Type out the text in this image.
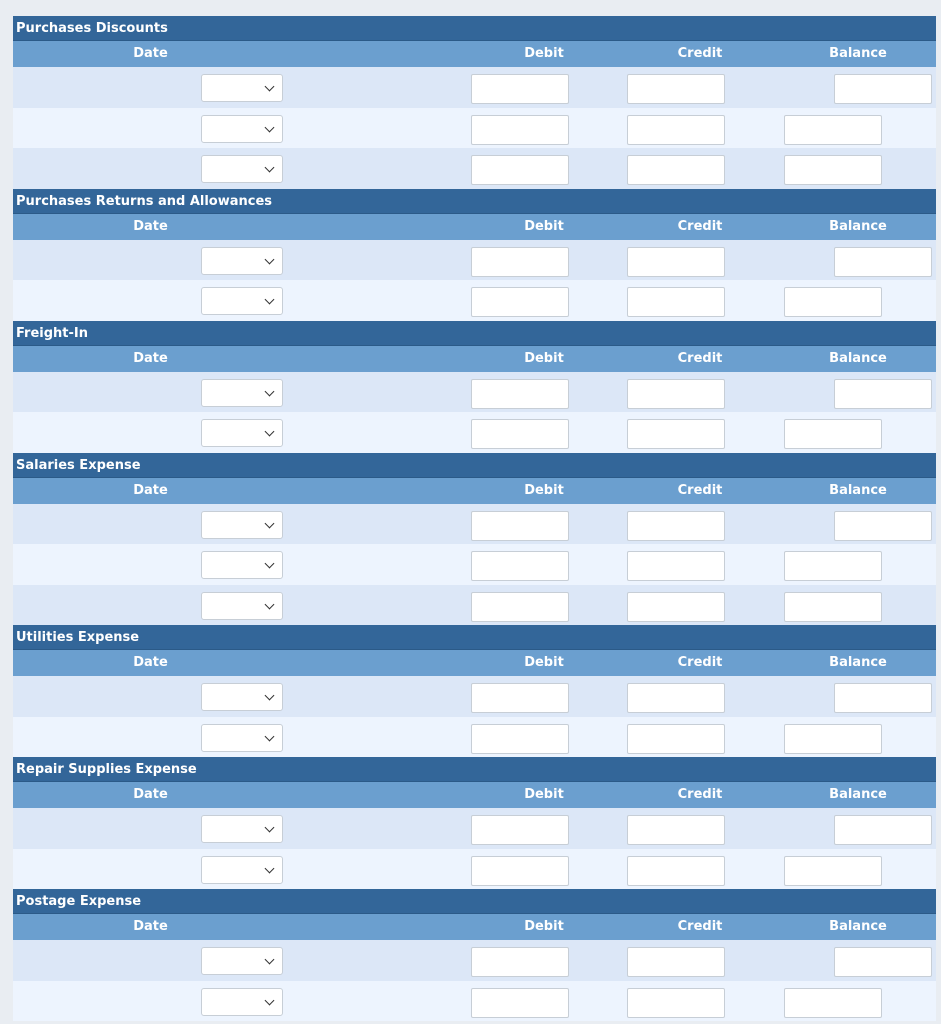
Purchases Discounts
Date	Debit	Credit	Balance
Purchases Returns and Allowances
Date	Debit	Credit	Balance
Freight-In
Date	Debit	Credit	Balance
Salaries Expense
Date	Debit	Credit	Balance
Utilities Expense
Date	Debit	Credit	Balance
Repair Supplies Expense
Date	Debit	Credit	Balance
Postage Expense
Date	Debit	Credit	Balance
